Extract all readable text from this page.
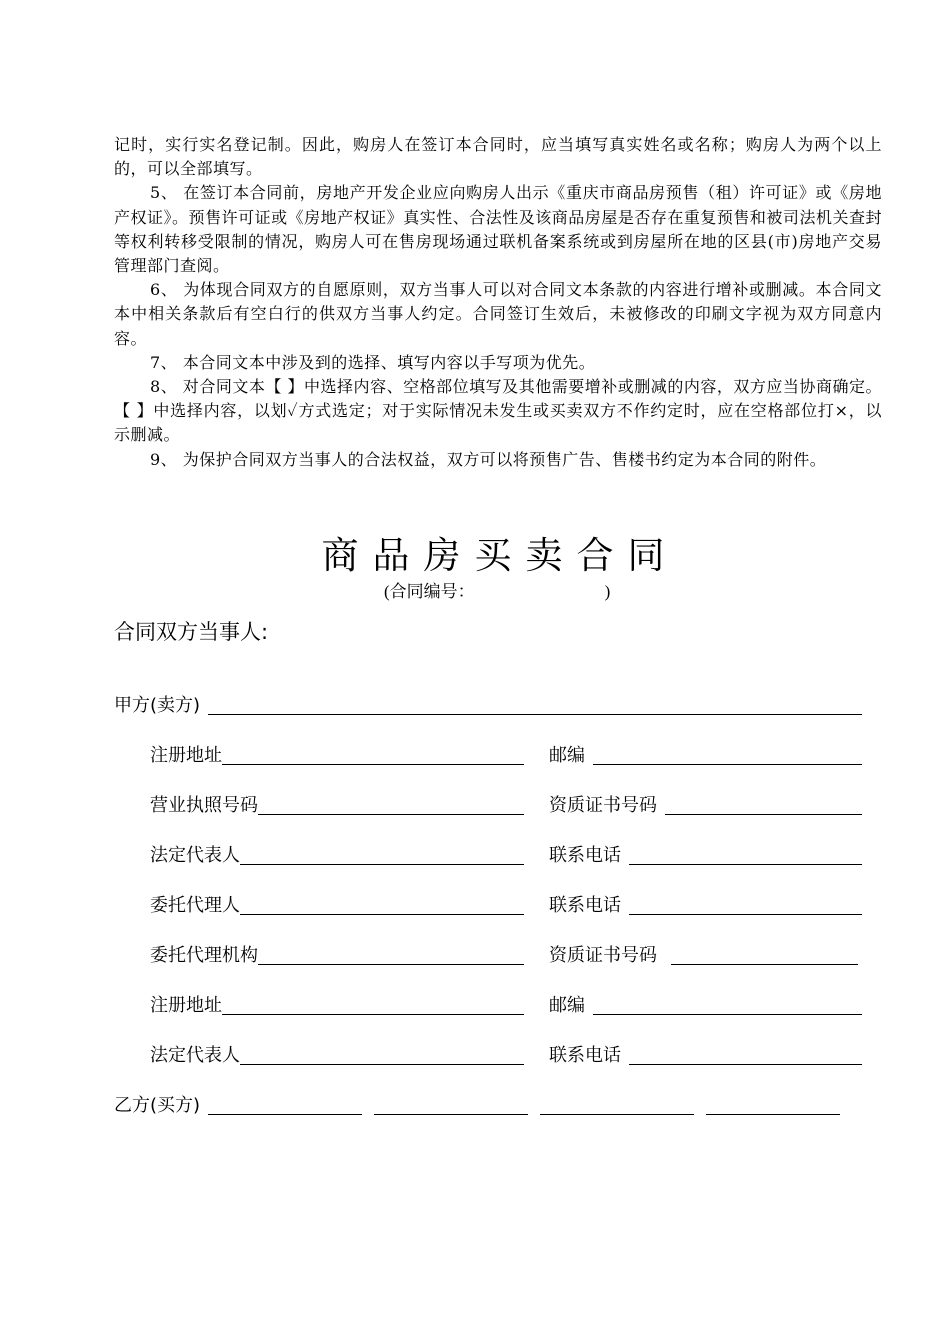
记时，实行实名登记制。因此，购房人在签订本合同时，应当填写真实姓名或名称；购房人为两个以上的，可以全部填写。

5、 在签订本合同前，房地产开发企业应向购房人出示《重庆市商品房预售（租）许可证》或《房地产权证》。预售许可证或《房地产权证》真实性、合法性及该商品房屋是否存在重复预售和被司法机关查封等权利转移受限制的情况，购房人可在售房现场通过联机备案系统或到房屋所在地的区县(市)房地产交易管理部门查阅。

6、 为体现合同双方的自愿原则，双方当事人可以对合同文本条款的内容进行增补或删减。本合同文本中相关条款后有空白行的供双方当事人约定。合同签订生效后，未被修改的印刷文字视为双方同意内容。

7、 本合同文本中涉及到的选择、填写内容以手写项为优先。

8、 对合同文本【 】中选择内容、空格部位填写及其他需要增补或删减的内容，双方应当协商确定。【 】中选择内容，以划✓方式选定；对于实际情况未发生或买卖双方不作约定时，应在空格部位打×，以示删减。

9、 为保护合同双方当事人的合法权益，双方可以将预售广告、售楼书约定为本合同的附件。

商品房买卖合同
(合同编号：	)
合同双方当事人:
甲方(卖方)
注册地址	邮编
营业执照号码	资质证书号码
法定代表人	联系电话
委托代理人	联系电话
委托代理机构	资质证书号码
注册地址	邮编
法定代表人	联系电话
乙方(买方)
